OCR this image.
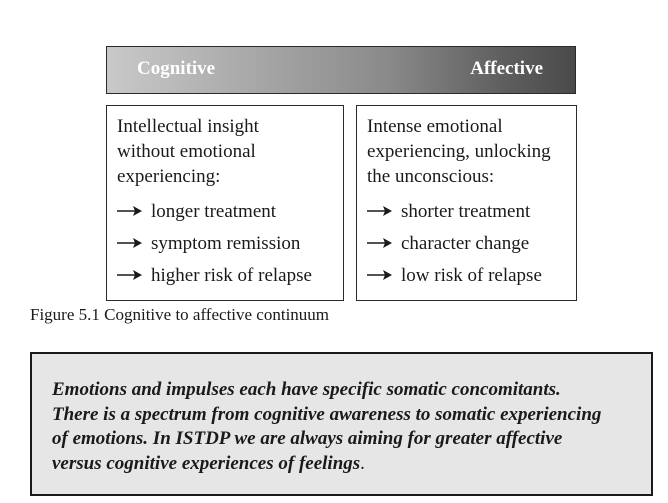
Cognitive	Affective
Intellectual insight
without emotional
experiencing:
longer treatment
symptom remission
higher risk of relapse
Intense emotional
experiencing, unlocking
the unconscious:
shorter treatment
character change
low risk of relapse
Figure 5.1 Cognitive to affective continuum
Emotions and impulses each have specific somatic concomitants.
There is a spectrum from cognitive awareness to somatic experiencing
of emotions. In ISTDP we are always aiming for greater affective
versus cognitive experiences of feelings.
